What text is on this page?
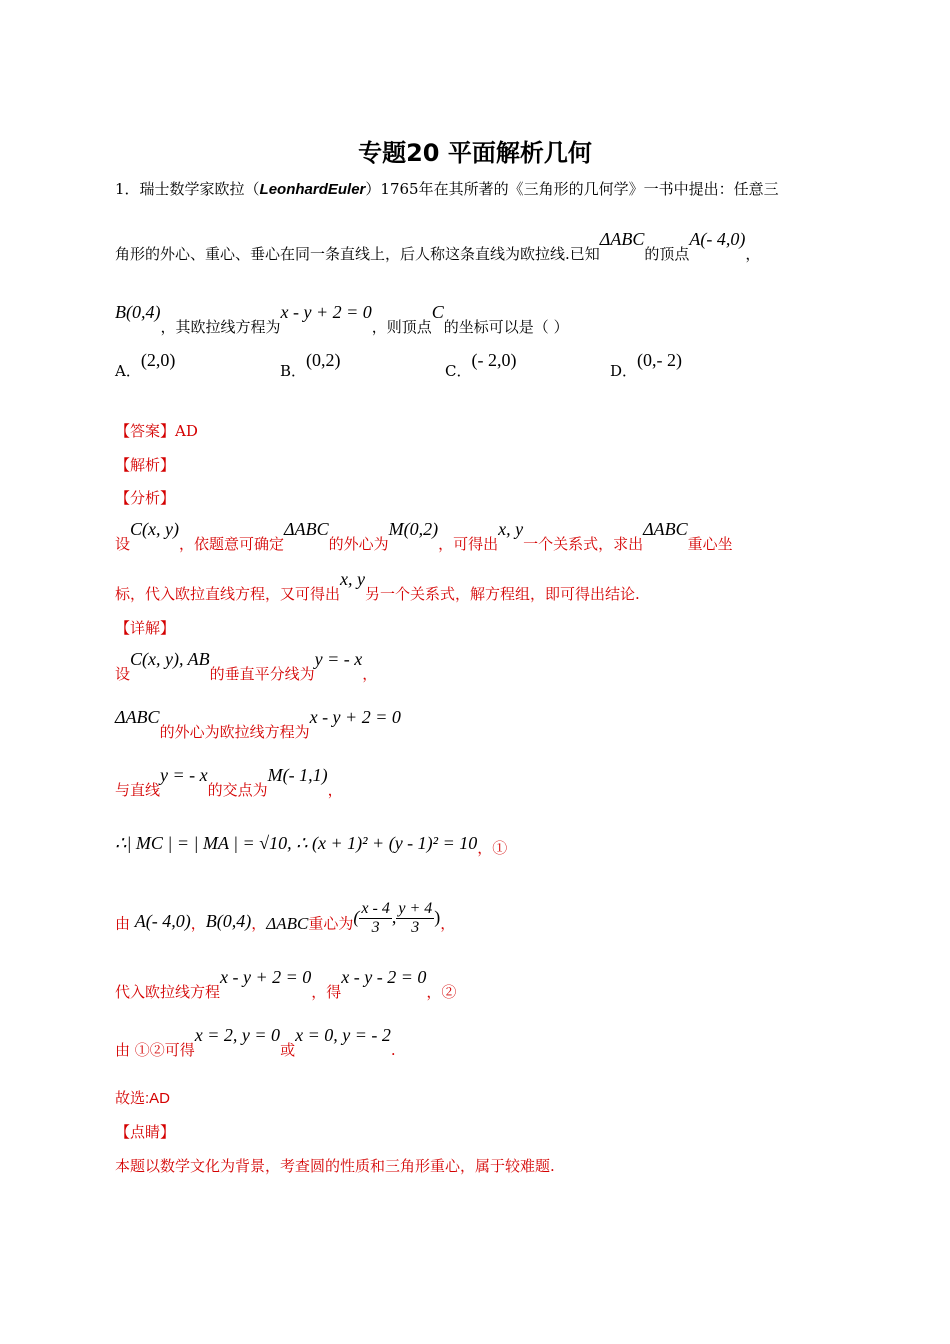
专题20 平面解析几何
1．瑞士数学家欧拉（LeonhardEuler）1765年在其所著的《三角形的几何学》一书中提出：任意三
角形的外心、重心、垂心在同一条直线上，后人称这条直线为欧拉线.已知ΔABC的顶点A(- 4,0)，
B(0,4)，其欧拉线方程为x - y + 2 = 0，则顶点C的坐标可以是（ ）
A．(2,0)
B．(0,2)
C．(- 2,0)
D．(0,- 2)
【答案】AD
【解析】
【分析】
设C(x, y)，依题意可确定ΔABC的外心为M(0,2)，可得出x, y一个关系式，求出ΔABC重心坐
标，代入欧拉直线方程，又可得出x, y另一个关系式，解方程组，即可得出结论.
【详解】
设C(x, y), AB的垂直平分线为y = - x，
ΔABC的外心为欧拉线方程为x - y + 2 = 0
与直线y = - x的交点为M(- 1,1)，
∴| MC | = | MA | = √10, ∴ (x + 1)² + (y - 1)² = 10，①
由 A(- 4,0)，B(0,4)，ΔABC重心为( $\frac{x - 4}{3}$ , $\frac{y + 4}{3}$ )，
代入欧拉线方程x - y + 2 = 0，得x - y - 2 = 0，②
由 ①②可得x = 2, y = 0或x = 0, y = - 2.
故选:AD
【点睛】
本题以数学文化为背景，考查圆的性质和三角形重心，属于较难题.
